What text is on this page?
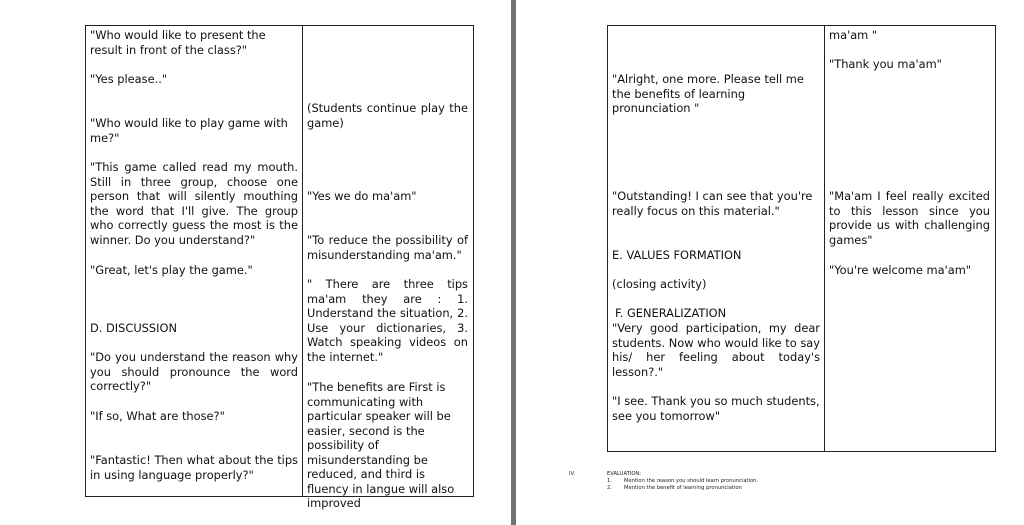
"Who would like to present the result in front of the class?"

"Yes please.."

"Who would like to play game with me?"

"This game called read my mouth. Still in three group, choose one person that will silently mouthing the word that I'll give. The group who correctly guess the most is the winner. Do you understand?"

"Great, let's play the game."

D. DISCUSSION

"Do you understand the reason why you should pronounce the word correctly?"

"If so, What are those?"

"Fantastic! Then what about the tips in using language properly?"

(Students continue play the game)

"Yes we do ma'am"

"To reduce the possibility of misunderstanding ma'am."

" There are three tips ma'am they are : 1. Understand the situation, 2. Use your dictionaries, 3. Watch speaking videos on the internet."

"The benefits are First is communicating with particular speaker will be easier, second is the possibility of misunderstanding be reduced, and third is fluency in langue will also improved

"Alright, one more. Please tell me the benefits of learning pronunciation "

"Outstanding! I can see that you're really focus on this material."

E. VALUES FORMATION

(closing activity)

F. GENERALIZATION

"Very good participation, my dear students. Now who would like to say his/ her feeling about today's lesson?."

"I see. Thank you so much students, see you tomorrow"

ma'am "

"Thank you ma'am"

"Ma'am I feel really excited to this lesson since you provide us with challenging games"

"You're welcome ma'am"

IV.	EVALUATION:
1. Mention the reason you should learn pronunciation.
2. Mention the benefit of learning pronunciation
